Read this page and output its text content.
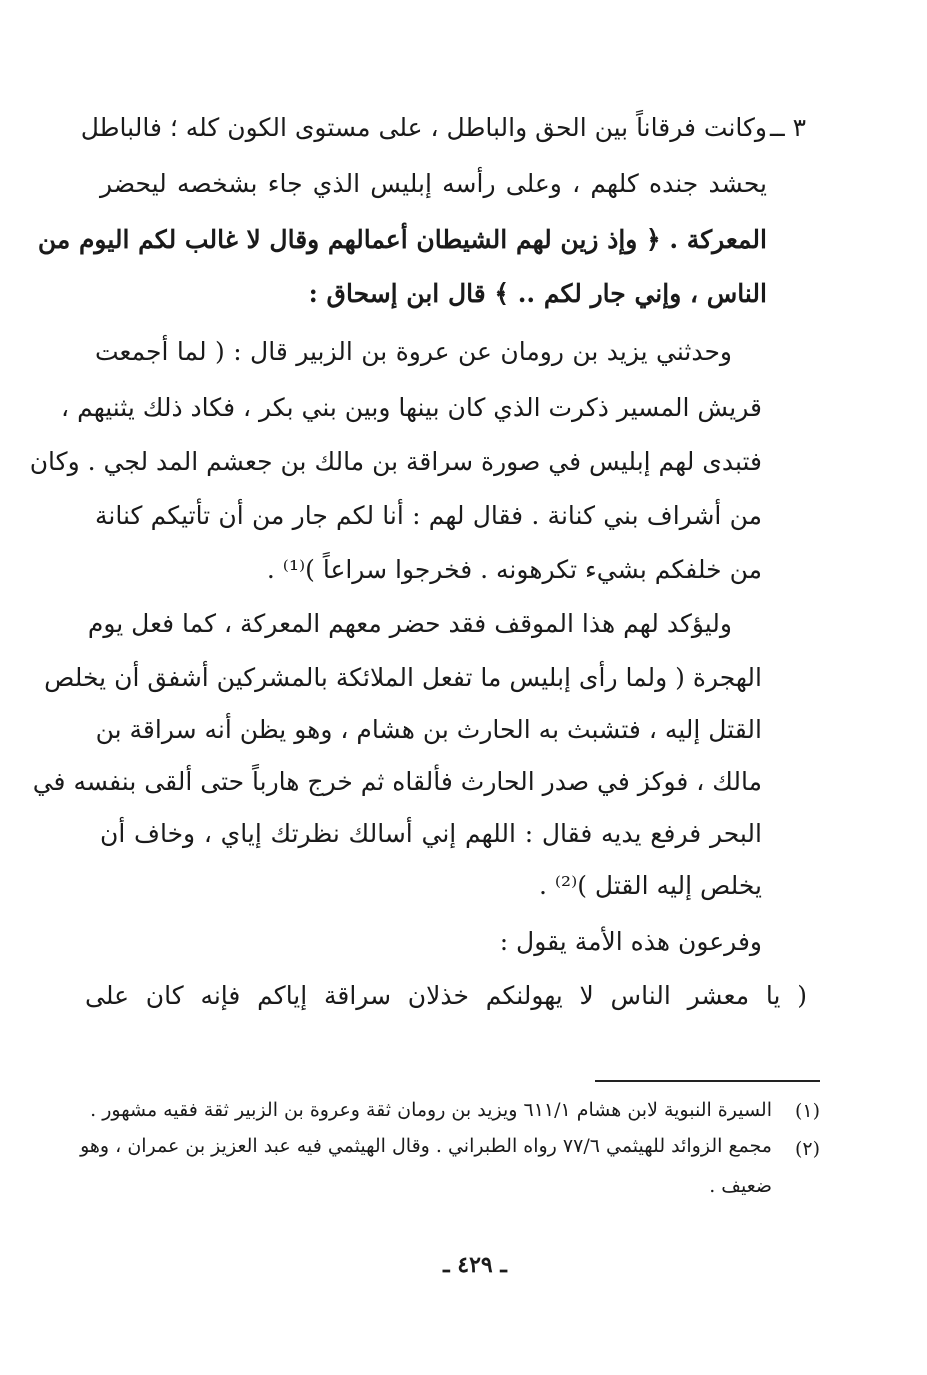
٣ ــ
وكانت فرقاناً بين الحق والباطل ، على مستوى الكون كله ؛ فالباطل
يحشد جنده كلهم ، وعلى رأسه إبليس الذي جاء بشخصه ليحضر
المعركة . ﴿ وإذ زين لهم الشيطان أعمالهم وقال لا غالب لكم اليوم من
الناس ، وإني جار لكم .. ﴾ قال ابن إسحاق :
وحدثني يزيد بن رومان عن عروة بن الزبير قال : ( لما أجمعت
قريش المسير ذكرت الذي كان بينها وبين بني بكر ، فكاد ذلك يثنيهم ،
فتبدى لهم إبليس في صورة سراقة بن مالك بن جعشم المد لجي . وكان
من أشراف بني كنانة . فقال لهم : أنا لكم جار من أن تأتيكم كنانة
من خلفكم بشيء تكرهونه . فخرجوا سراعاً )⁽¹⁾ .
وليؤكد لهم هذا الموقف فقد حضر معهم المعركة ، كما فعل يوم
الهجرة ( ولما رأى إبليس ما تفعل الملائكة بالمشركين أشفق أن يخلص
القتل إليه ، فتشبث به الحارث بن هشام ، وهو يظن أنه سراقة بن
مالك ، فوكز في صدر الحارث فألقاه ثم خرج هارباً حتى ألقى بنفسه في
البحر فرفع يديه فقال : اللهم إني أسالك نظرتك إياي ، وخاف أن
يخلص إليه القتل )⁽²⁾ .
وفرعون هذه الأمة يقول :
( يا معشر الناس لا يهولنكم خذلان سراقة إياكم فإنه كان على
(١)
السيرة النبوية لابن هشام ٦١١/١ ويزيد بن رومان ثقة وعروة بن الزبير ثقة فقيه مشهور .
(٢)
مجمع الزوائد للهيثمي ٧٧/٦ رواه الطبراني . وقال الهيثمي فيه عبد العزيز بن عمران ، وهو
ضعيف .
ـ ٤٢٩ ـ
